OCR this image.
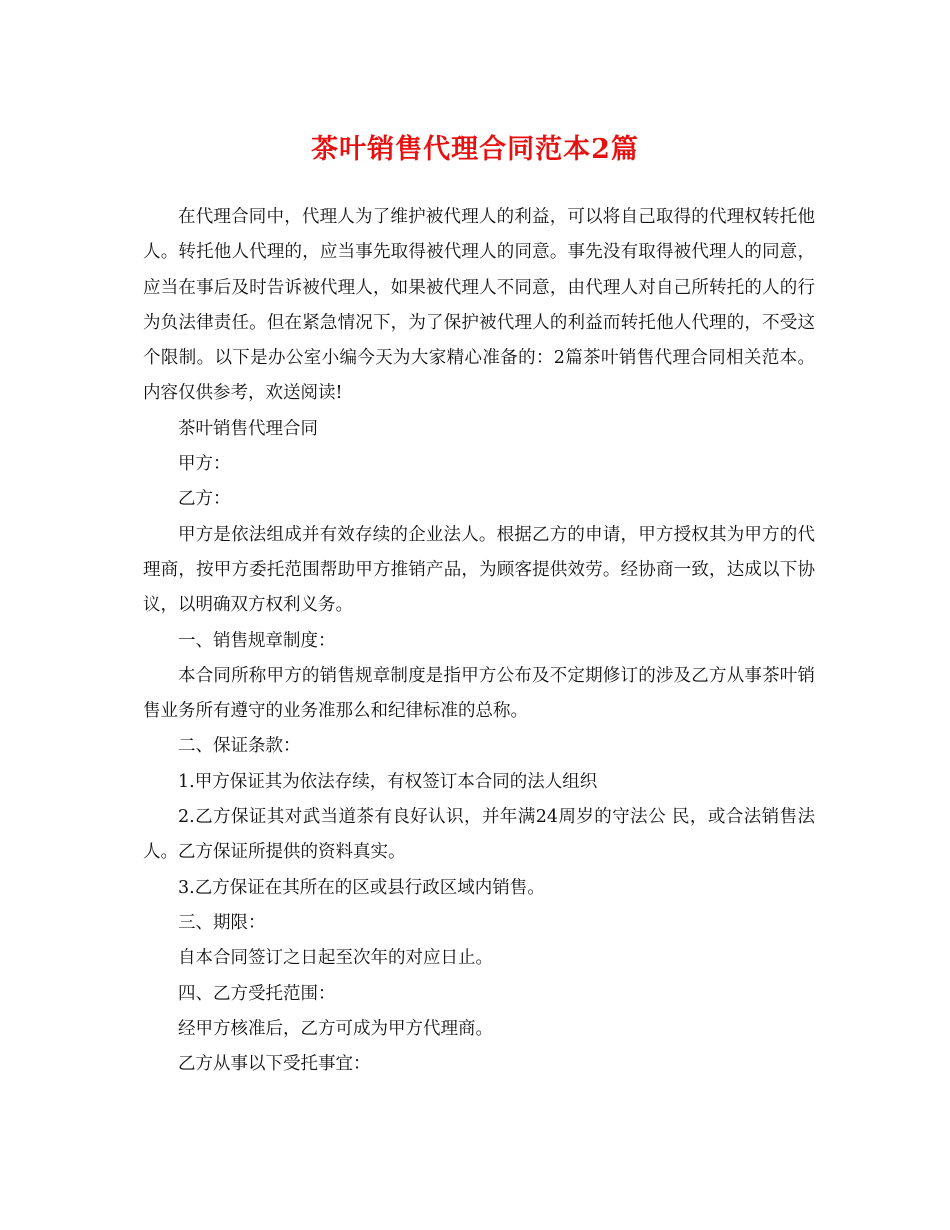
茶叶销售代理合同范本2篇

在代理合同中，代理人为了维护被代理人的利益，可以将自己取得的代理权转托他人。转托他人代理的，应当事先取得被代理人的同意。事先没有取得被代理人的同意，应当在事后及时告诉被代理人，如果被代理人不同意，由代理人对自己所转托的人的行为负法律责任。但在紧急情况下，为了保护被代理人的利益而转托他人代理的，不受这个限制。以下是办公室小编今天为大家精心准备的：2篇茶叶销售代理合同相关范本。内容仅供参考，欢送阅读!

茶叶销售代理合同

甲方：

乙方：

甲方是依法组成并有效存续的企业法人。根据乙方的申请，甲方授权其为甲方的代理商，按甲方委托范围帮助甲方推销产品，为顾客提供效劳。经协商一致，达成以下协议，以明确双方权利义务。

一、销售规章制度：

本合同所称甲方的销售规章制度是指甲方公布及不定期修订的涉及乙方从事茶叶销售业务所有遵守的业务准那么和纪律标准的总称。

二、保证条款：

1.甲方保证其为依法存续，有权签订本合同的法人组织

2.乙方保证其对武当道茶有良好认识，并年满24周岁的守法公 民，或合法销售法人。乙方保证所提供的资料真实。

3.乙方保证在其所在的区或县行政区域内销售。

三、期限：

自本合同签订之日起至次年的对应日止。

四、乙方受托范围：

经甲方核准后，乙方可成为甲方代理商。

乙方从事以下受托事宜：
